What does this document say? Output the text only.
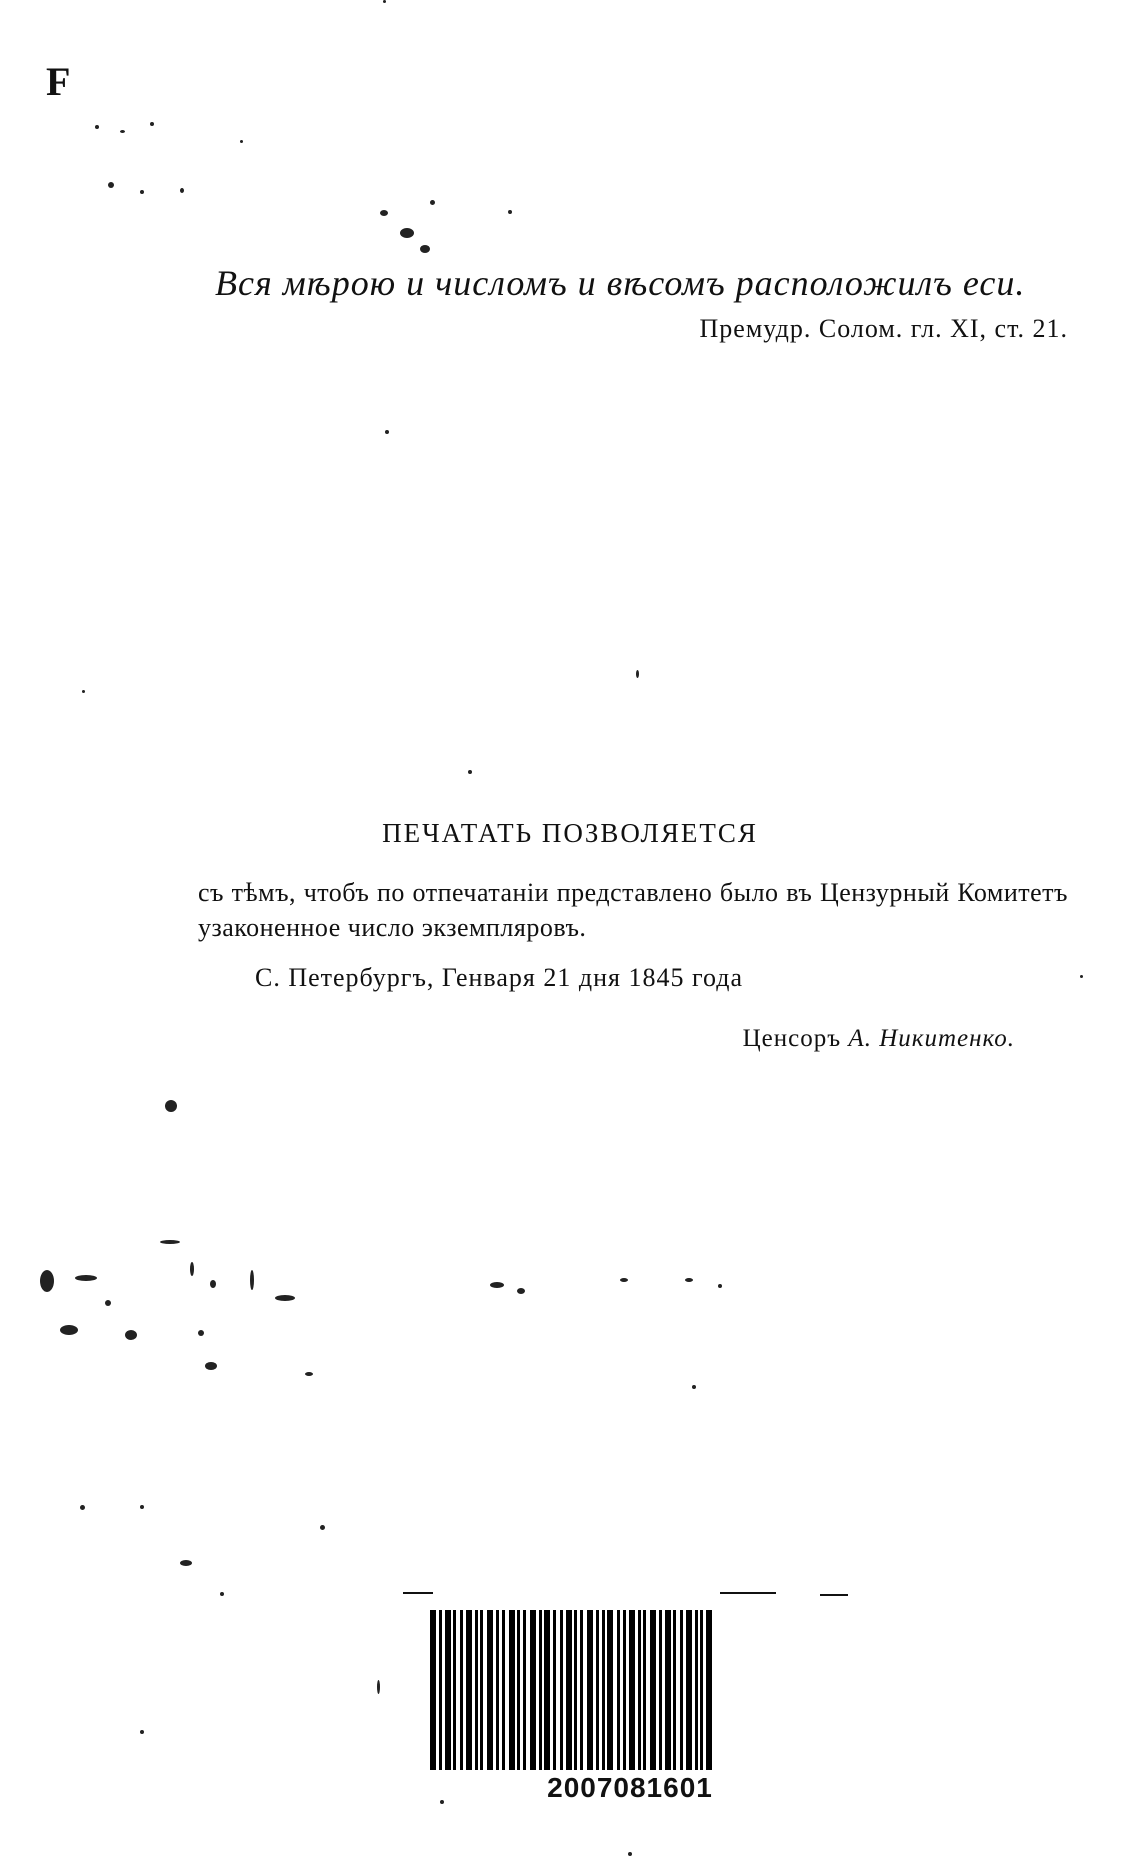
F
Вся мѣрою и числомъ и вѣсомъ расположилъ еси.
Премудр. Солом. гл. XI, ст. 21.
ПЕЧАТАТЬ ПОЗВОЛЯЕТСЯ
съ тѣмъ, чтобъ по отпечатаніи представлено было въ Цензурный Комитетъ узаконенное число экземпляровъ.
С. Петербургъ, Генваря 21 дня 1845 года
Ценсоръ А. Никитенко.
2007081601
